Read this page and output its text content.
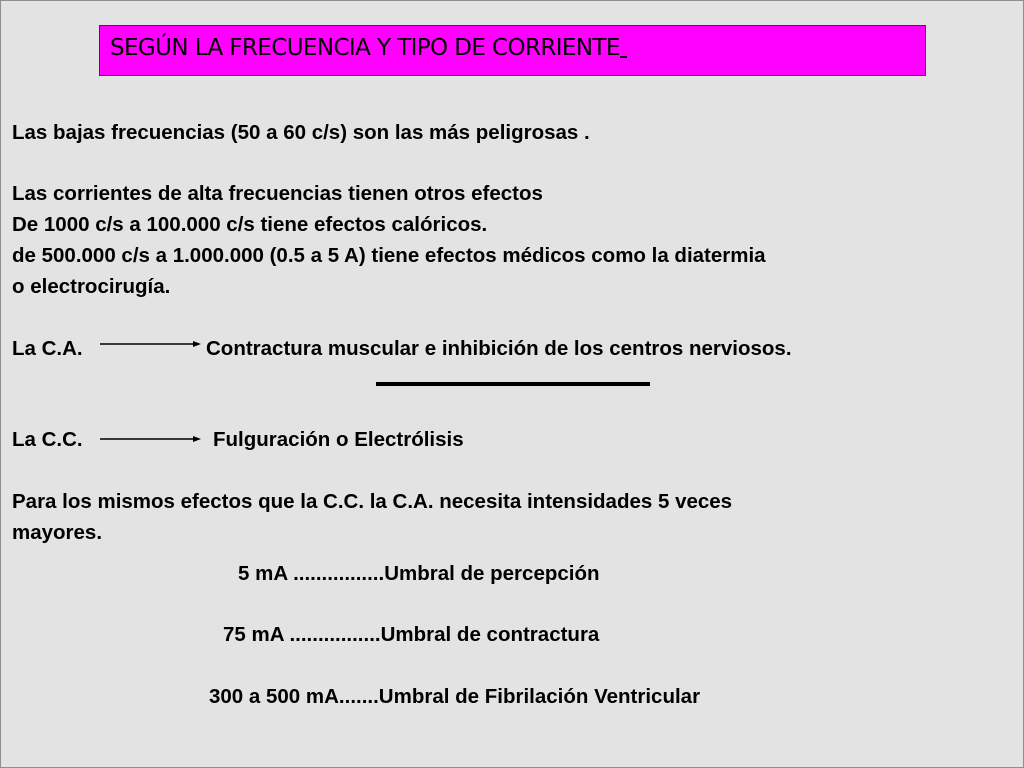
SEGÚN LA FRECUENCIA Y TIPO DE CORRIENTE

Las bajas frecuencias (50 a 60 c/s) son las más peligrosas .

Las corrientes de alta frecuencias tienen otros efectos

De 1000 c/s a 100.000 c/s tiene efectos calóricos.

de 500.000 c/s a 1.000.000 (0.5 a 5 A) tiene efectos médicos como la diatermia

o electrocirugía.

La C.A.	Contractura muscular e inhibición de los centros nerviosos.

La C.C.	Fulguración o Electrólisis

Para los mismos efectos que la C.C. la C.A. necesita intensidades 5 veces

mayores.

5 mA ................Umbral de percepción

75 mA ................Umbral de contractura

300 a 500 mA.......Umbral de Fibrilación Ventricular
